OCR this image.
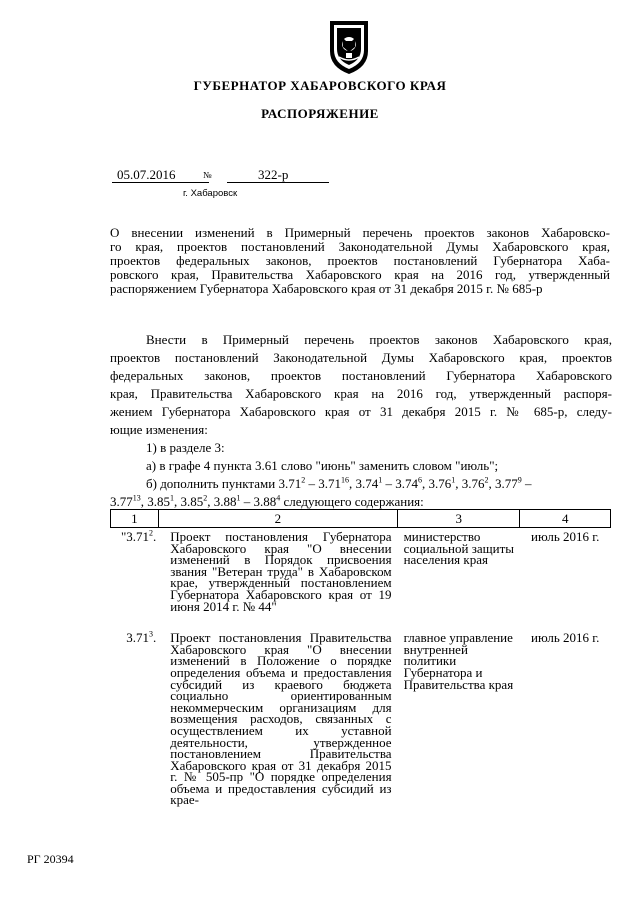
ГУБЕРНАТОР ХАБАРОВСКОГО КРАЯ
РАСПОРЯЖЕНИЕ
05.07.2016	№	322-р
г. Хабаровск
О внесении изменений в Примерный перечень проектов законов Хабаровско-
го края, проектов постановлений Законодательной Думы Хабаровского края,
проектов федеральных законов, проектов постановлений Губернатора Хаба-
ровского края, Правительства Хабаровского края на 2016 год, утвержденный
распоряжением Губернатора Хабаровского края от 31 декабря 2015 г. № 685-р
Внести в Примерный перечень проектов законов Хабаровского края,
проектов постановлений Законодательной Думы Хабаровского края, проектов
федеральных законов, проектов постановлений Губернатора Хабаровского
края, Правительства Хабаровского края на 2016 год, утвержденный распоря-
жением Губернатора Хабаровского края от 31 декабря 2015 г. № 685-р, следу-
ющие изменения:
1) в разделе 3:
а) в графе 4 пункта 3.61 слово "июнь" заменить словом "июль";
б) дополнить пунктами 3.71$^2$ – 3.71$^{16}$, 3.74$^1$ – 3.74$^6$, 3.76$^1$, 3.76$^2$, 3.77$^9$ –
3.77$^{13}$, 3.85$^1$, 3.85$^2$, 3.88$^1$ – 3.88$^4$ следующего содержания:
1	2	3	4
"3.71$^2$.	Проект постановления Губернатора Хабаровского края "О внесении изменений в Порядок присвоения звания "Ветеран труда" в Хабаровском крае, утвержденный постановлением Губернатора Хабаровского края от 19 июня 2014 г. № 44"	министерство социальной защиты населения края	июль 2016 г.
3.71$^3$.	Проект постановления Правительства Хабаровского края "О внесении изменений в Положение о порядке определения объема и предоставления субсидий из краевого бюджета социально ориентированным некоммерческим организациям для возмещения расходов, связанных с осуществлением их уставной деятельности, утвержденное постановлением Правительства Хабаровского края от 31 декабря 2015 г. № 505-пр "О порядке определения объема и предоставления субсидий из крае-	главное управление внутренней политики Губернатора и Правительства края	июль 2016 г.
РГ 20394
